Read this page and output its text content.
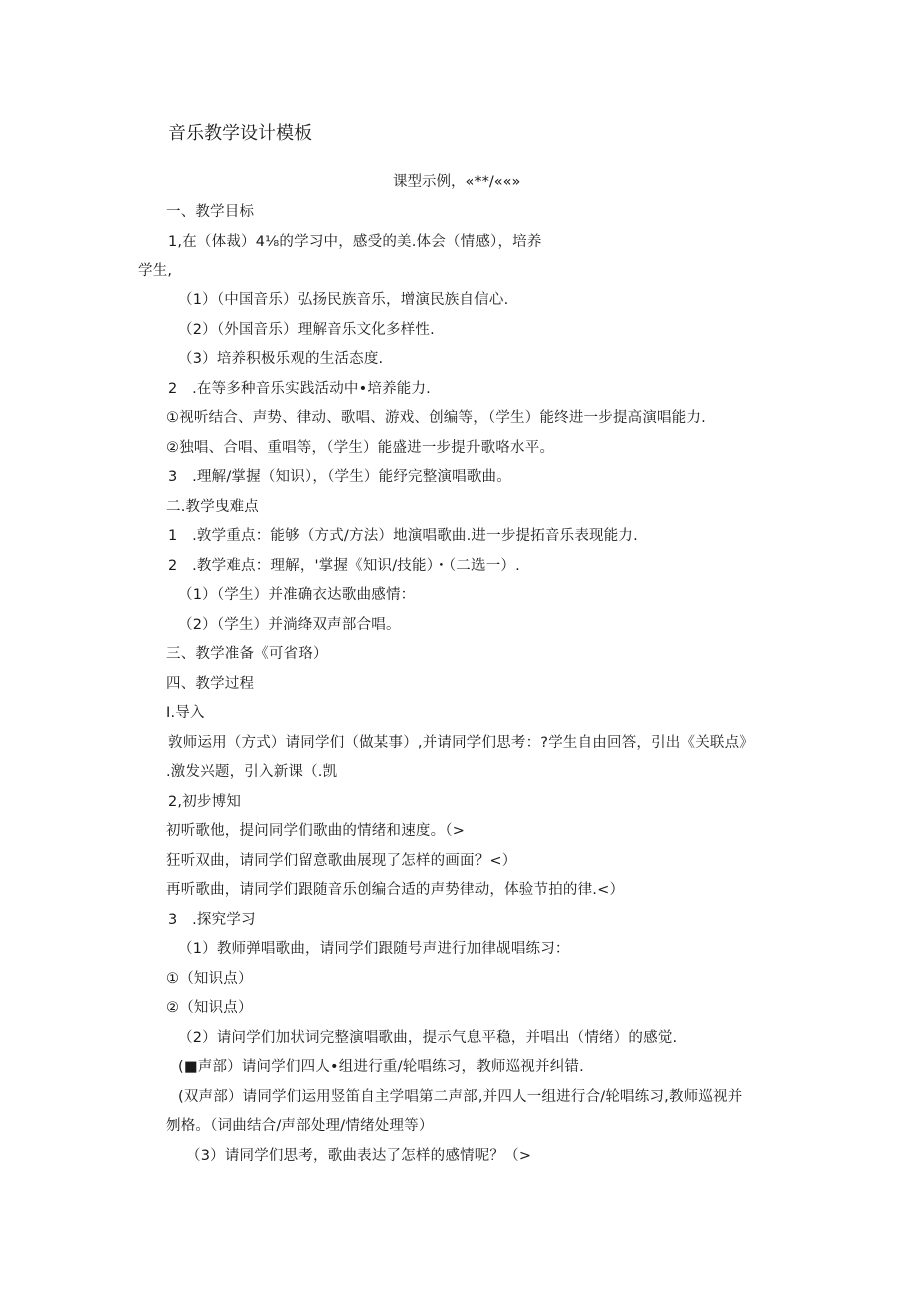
音乐教学设计模板
课型示例，«**/««»
一、教学目标
1,在（体裁）4⅛的学习中，感受的美.体会（情感），培养
学生,
（1）（中国音乐）弘扬民族音乐，增演民族自信心.
（2）（外国音乐）理解音乐文化多样性.
（3）培养积极乐观的生活态度.
2　.在等多种音乐实践活动中•培养能力.
①视听结合、声势、律动、歌唱、游戏、创编等，（学生）能终进一步提高演唱能力.
②独唱、合唱、重唱等，（学生）能盛进一步提升歌咯水平。
3　.理解/掌握（知识），（学生）能纾完整演唱歌曲。
二.教学曳难点
1　.敦学重点：能够（方式/方法）地演唱歌曲.进一步提拓音乐表现能力.
2　.教学难点：理解，'掌握《知识/技能）・（二选一）.
（1）（学生）并准确衣达歌曲感情：
（2）（学生）并淌绛双声部合唱。
三、教学准备《可省珞）
四、教学过程
I.导入
敦师运用（方式）请同学们（做某事）,并请同学们思考：?学生自由回答，引出《关联点》
.激发兴题，引入新课（.凯
2,初步博知
初听歌他，提问同学们歌曲的情绪和速度。（>
狂听双曲，请同学们留意歌曲展现了怎样的画面？<）
再听歌曲，请同学们跟随音乐创编合适的声势律动，体验节拍的律.<）
3　.探究学习
（1）教师弹唱歌曲，请同学们跟随号声进行加律觇唱练习：
①（知识点）
②（知识点）
（2）请问学们加状词完整演唱歌曲，提示气息平稳，并唱出（情绪）的感觉.
(■声部）请问学们四人•组进行重/轮唱练习，教师巡视并纠错.
(双声部）请同学们运用竖笛自主学唱第二声部,并四人一组进行合/轮唱练习,教师巡视并
刎格。（词曲结合/声部处理/情绪处理等）
（3）请同学们思考，歌曲表达了怎样的感情呢？（>
